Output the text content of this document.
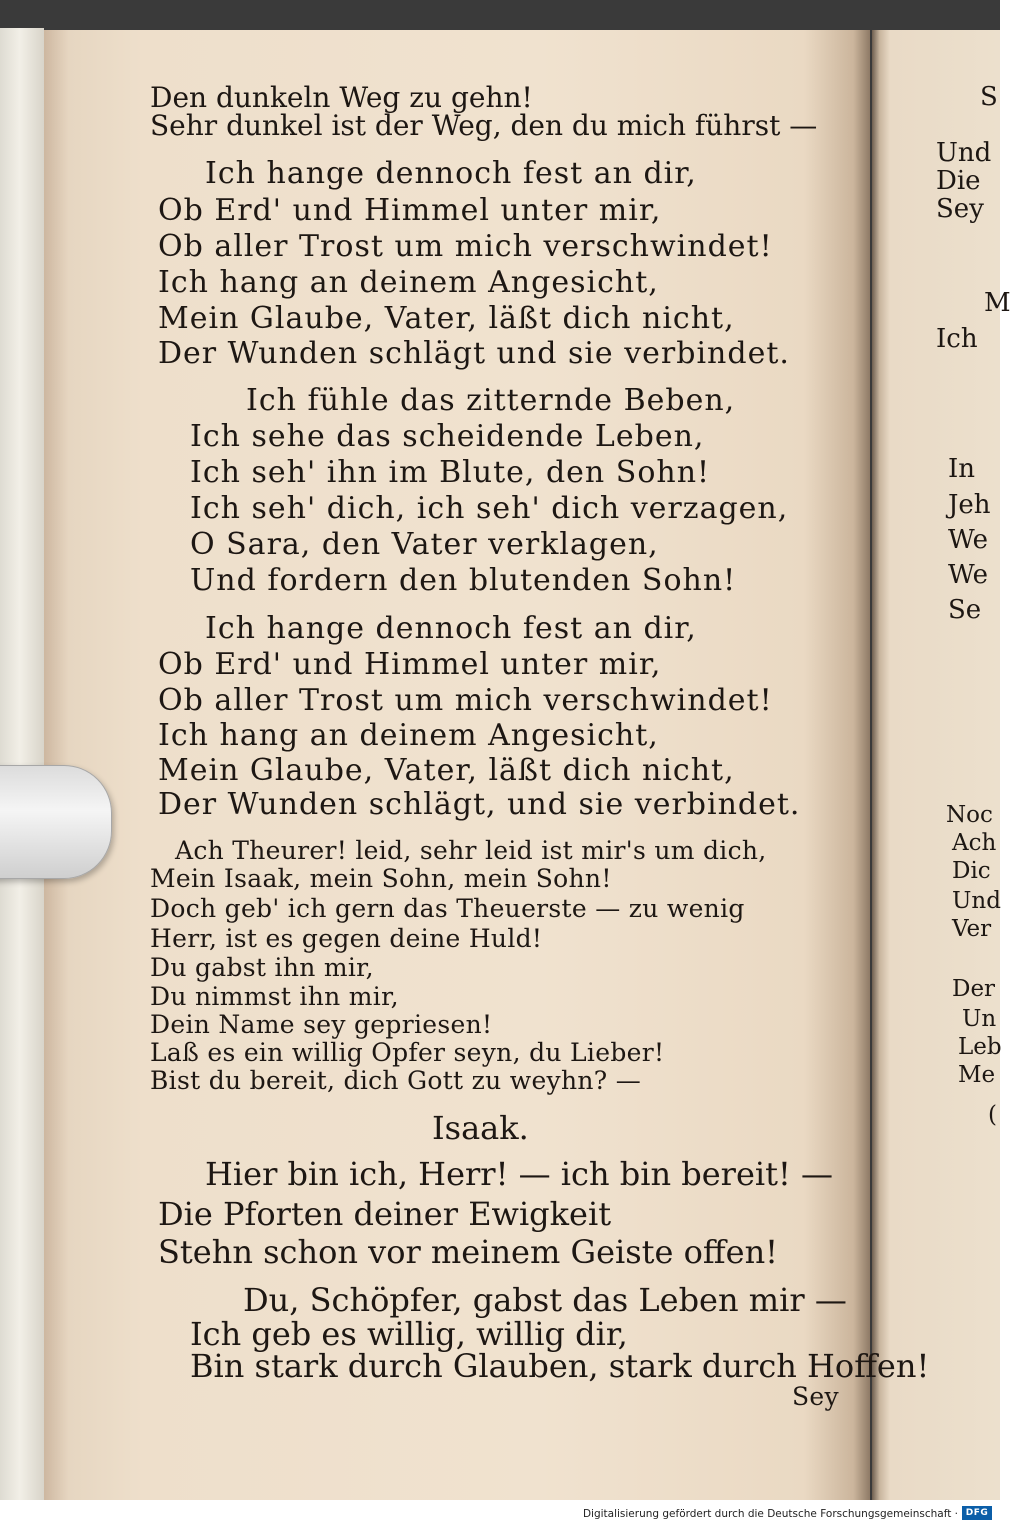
Den dunkeln Weg zu gehn!
Sehr dunkel ist der Weg, den du mich führst —
Ich hange dennoch fest an dir,
Ob Erd' und Himmel unter mir,
Ob aller Trost um mich verschwindet!
Ich hang an deinem Angesicht,
Mein Glaube, Vater, läßt dich nicht,
Der Wunden schlägt und sie verbindet.
Ich fühle das zitternde Beben,
Ich sehe das scheidende Leben,
Ich seh' ihn im Blute, den Sohn!
Ich seh' dich, ich seh' dich verzagen,
O Sara, den Vater verklagen,
Und fordern den blutenden Sohn!
Ich hange dennoch fest an dir,
Ob Erd' und Himmel unter mir,
Ob aller Trost um mich verschwindet!
Ich hang an deinem Angesicht,
Mein Glaube, Vater, läßt dich nicht,
Der Wunden schlägt, und sie verbindet.
Ach Theurer! leid, sehr leid ist mir's um dich,
Mein Isaak, mein Sohn, mein Sohn!
Doch geb' ich gern das Theuerste — zu wenig
Herr, ist es gegen deine Huld!
Du gabst ihn mir,
Du nimmst ihn mir,
Dein Name sey gepriesen!
Laß es ein willig Opfer seyn, du Lieber!
Bist du bereit, dich Gott zu weyhn? —
Isaak.
Hier bin ich, Herr! — ich bin bereit! —
Die Pforten deiner Ewigkeit
Stehn schon vor meinem Geiste offen!
Du, Schöpfer, gabst das Leben mir —
Ich geb es willig, willig dir,
Bin stark durch Glauben, stark durch Hoffen!
Sey
S
Und
Die
Sey
M
Ich
In
Jeh
We
We
Se
Noc
Ach
Dic
Und
Ver
Der
Un
Leb
Me
(
Digitalisierung gefördert durch die Deutsche Forschungsgemeinschaft · DFG
